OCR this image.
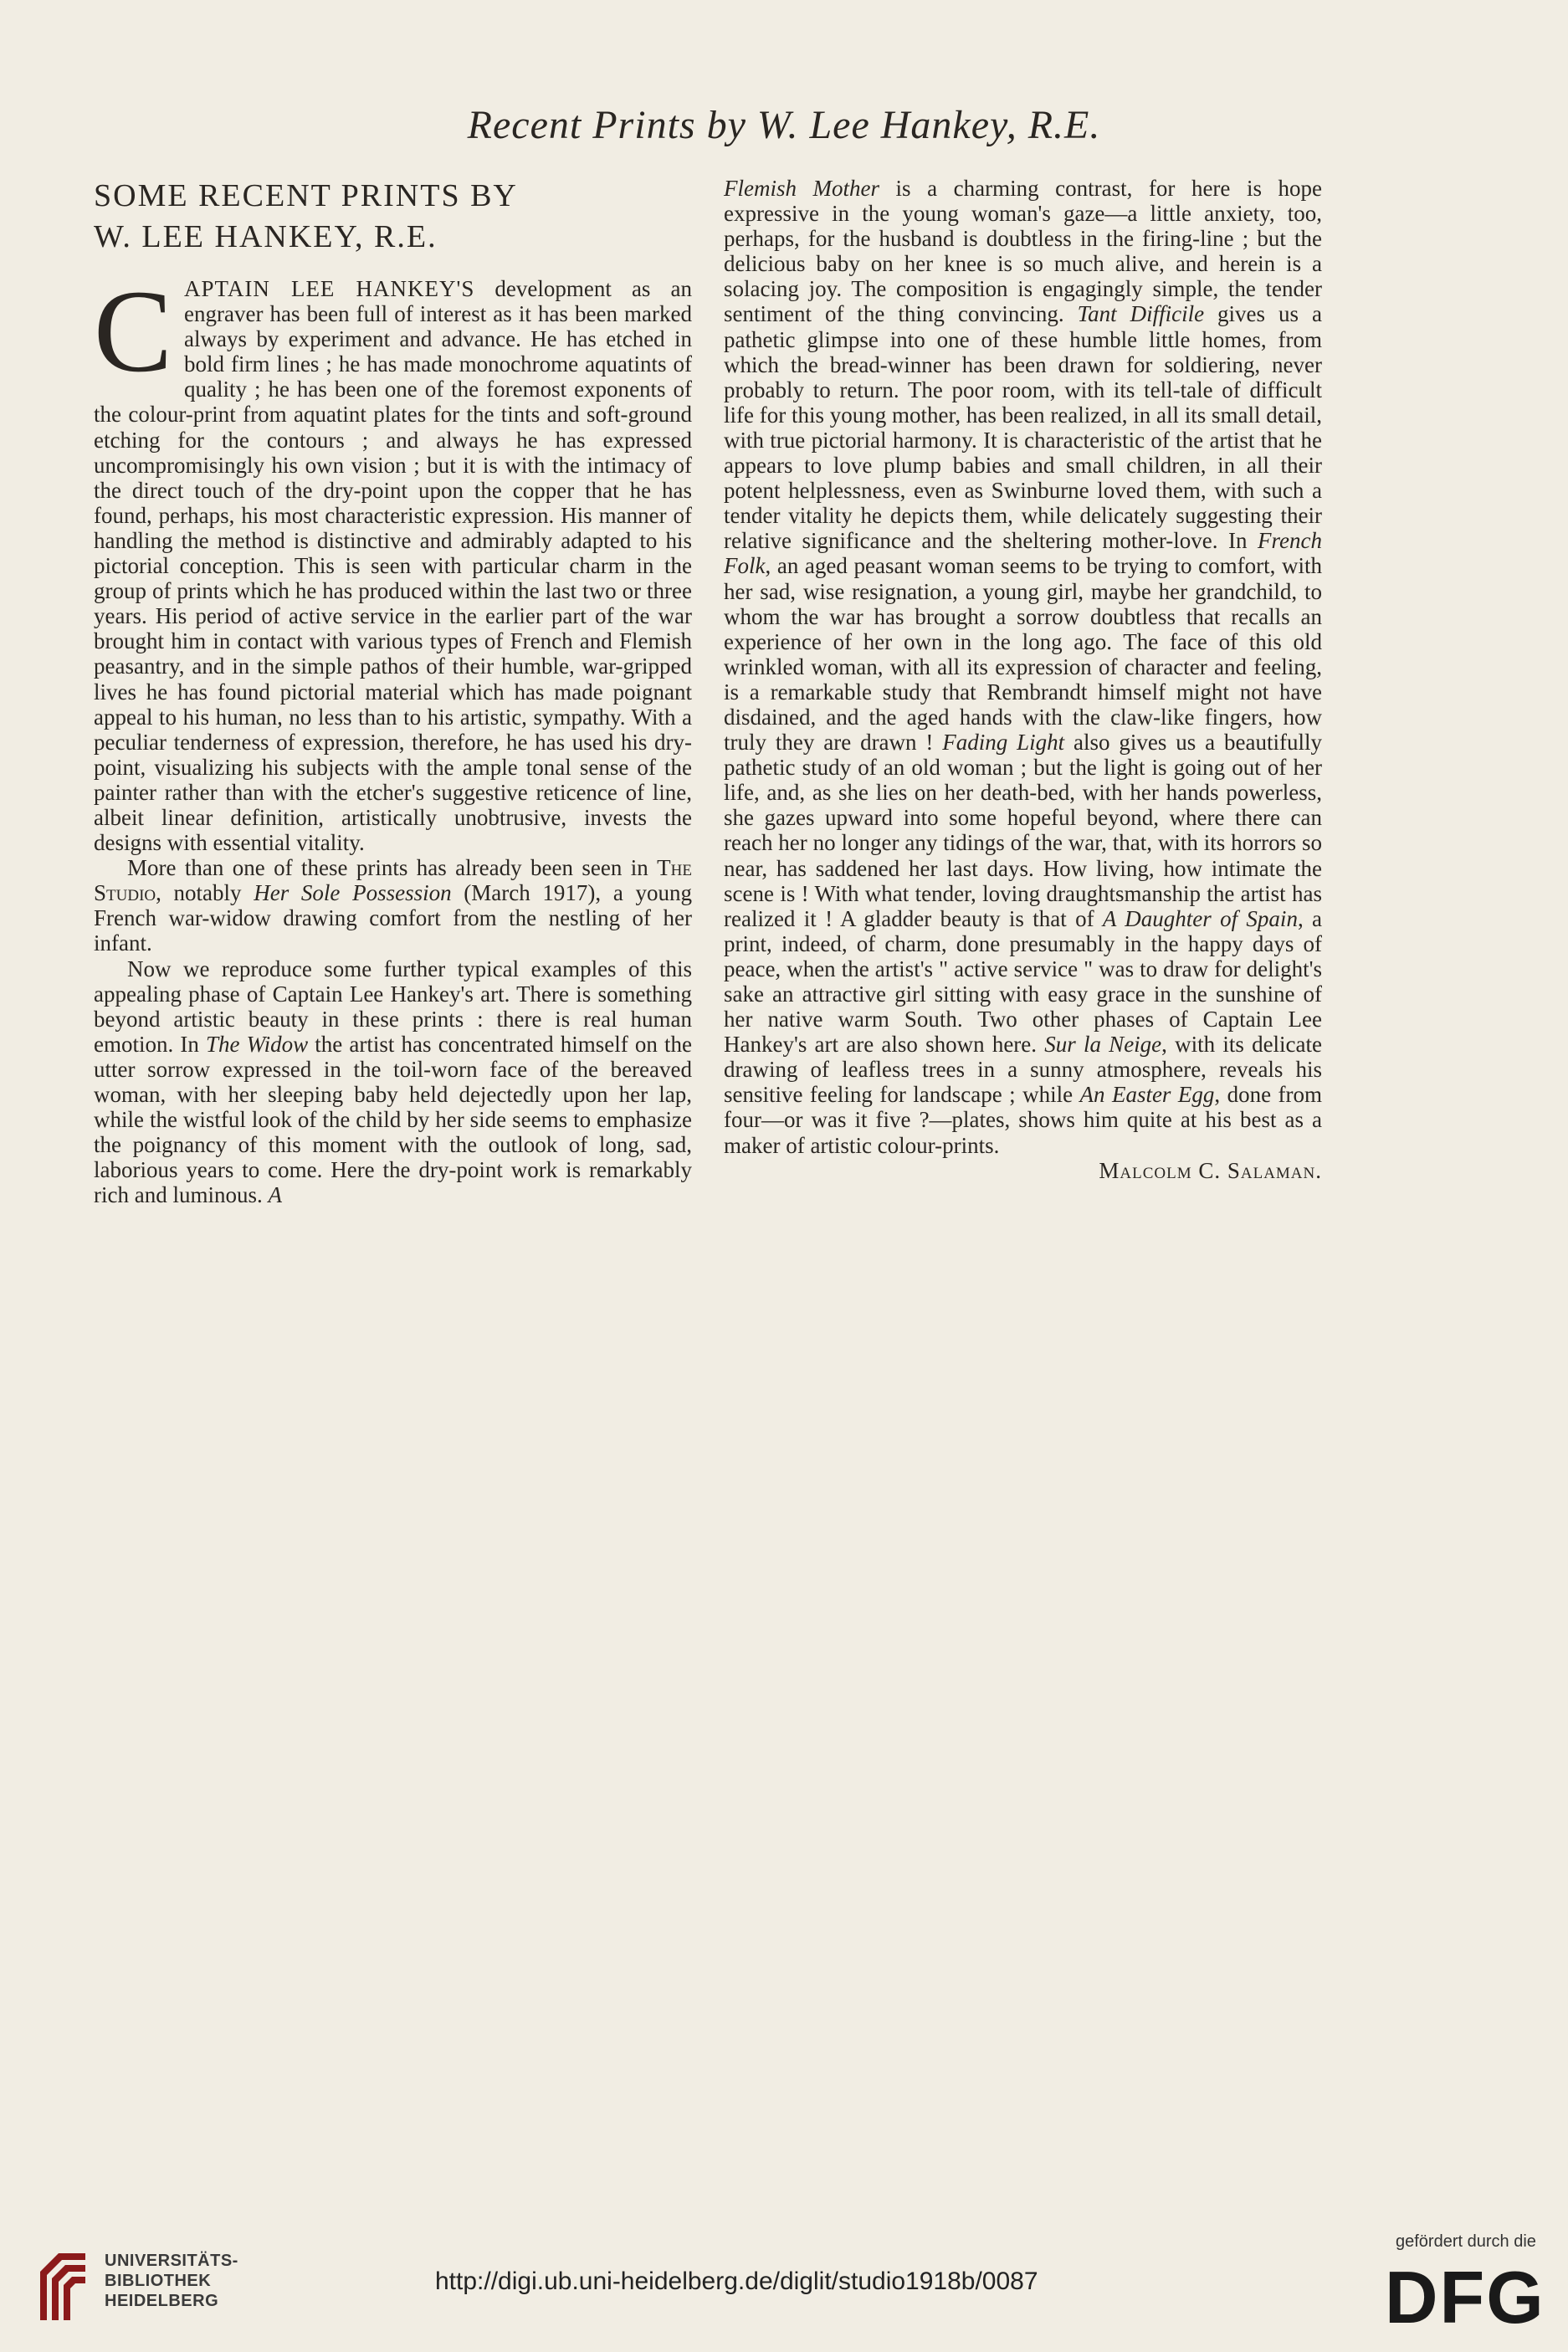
Recent Prints by W. Lee Hankey, R.E.
SOME RECENT PRINTS BY
W. LEE HANKEY, R.E.

CAPTAIN LEE HANKEY'S development as an engraver has been full of interest as it has been marked always by experiment and advance. He has etched in bold firm lines ; he has made monochrome aquatints of quality ; he has been one of the foremost exponents of the colour-print from aquatint plates for the tints and soft-ground etching for the contours ; and always he has expressed uncompromisingly his own vision ; but it is with the intimacy of the direct touch of the dry-point upon the copper that he has found, perhaps, his most characteristic expression. His manner of handling the method is distinctive and admirably adapted to his pictorial conception. This is seen with particular charm in the group of prints which he has produced within the last two or three years. His period of active service in the earlier part of the war brought him in contact with various types of French and Flemish peasantry, and in the simple pathos of their humble, war-gripped lives he has found pictorial material which has made poignant appeal to his human, no less than to his artistic, sympathy. With a peculiar tenderness of expression, therefore, he has used his dry-point, visualizing his subjects with the ample tonal sense of the painter rather than with the etcher's suggestive reticence of line, albeit linear definition, artistically unobtrusive, invests the designs with essential vitality.

More than one of these prints has already been seen in The Studio, notably Her Sole Possession (March 1917), a young French war-widow drawing comfort from the nestling of her infant.

Now we reproduce some further typical examples of this appealing phase of Captain Lee Hankey's art. There is something beyond artistic beauty in these prints : there is real human emotion. In The Widow the artist has concentrated himself on the utter sorrow expressed in the toil-worn face of the bereaved woman, with her sleeping baby held dejectedly upon her lap, while the wistful look of the child by her side seems to emphasize the poignancy of this moment with the outlook of long, sad, laborious years to come. Here the dry-point work is remarkably rich and luminous. A

Flemish Mother is a charming contrast, for here is hope expressive in the young woman's gaze—a little anxiety, too, perhaps, for the husband is doubtless in the firing-line ; but the delicious baby on her knee is so much alive, and herein is a solacing joy. The composition is engagingly simple, the tender sentiment of the thing convincing. Tant Difficile gives us a pathetic glimpse into one of these humble little homes, from which the bread-winner has been drawn for soldiering, never probably to return. The poor room, with its tell-tale of difficult life for this young mother, has been realized, in all its small detail, with true pictorial harmony. It is characteristic of the artist that he appears to love plump babies and small children, in all their potent helplessness, even as Swinburne loved them, with such a tender vitality he depicts them, while delicately suggesting their relative significance and the sheltering mother-love. In French Folk, an aged peasant woman seems to be trying to comfort, with her sad, wise resignation, a young girl, maybe her grandchild, to whom the war has brought a sorrow doubtless that recalls an experience of her own in the long ago. The face of this old wrinkled woman, with all its expression of character and feeling, is a remarkable study that Rembrandt himself might not have disdained, and the aged hands with the claw-like fingers, how truly they are drawn ! Fading Light also gives us a beautifully pathetic study of an old woman ; but the light is going out of her life, and, as she lies on her death-bed, with her hands powerless, she gazes upward into some hopeful beyond, where there can reach her no longer any tidings of the war, that, with its horrors so near, has saddened her last days. How living, how intimate the scene is ! With what tender, loving draughtsmanship the artist has realized it ! A gladder beauty is that of A Daughter of Spain, a print, indeed, of charm, done presumably in the happy days of peace, when the artist's " active service " was to draw for delight's sake an attractive girl sitting with easy grace in the sunshine of her native warm South. Two other phases of Captain Lee Hankey's art are also shown here. Sur la Neige, with its delicate drawing of leafless trees in a sunny atmosphere, reveals his sensitive feeling for landscape ; while An Easter Egg, done from four—or was it five ?—plates, shows him quite at his best as a maker of artistic colour-prints.

Malcolm C. Salaman.

UNIVERSITÄTS-
BIBLIOTHEK
HEIDELBERG
http://digi.ub.uni-heidelberg.de/diglit/studio1918b/0087
gefördert durch die
DFG
